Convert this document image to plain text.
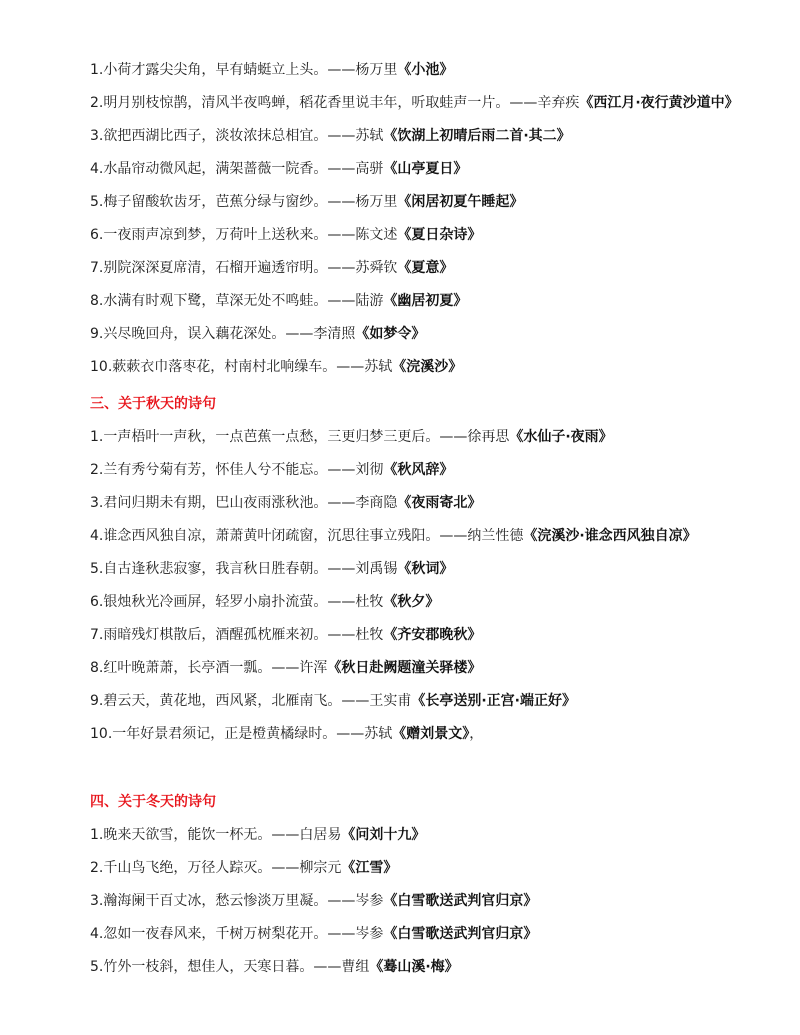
1.小荷才露尖尖角，早有蜻蜓立上头。——杨万里《小池》
2.明月别枝惊鹊，清风半夜鸣蝉，稻花香里说丰年，听取蛙声一片。——辛弃疾《西江月·夜行黄沙道中》
3.欲把西湖比西子，淡妆浓抹总相宜。——苏轼《饮湖上初晴后雨二首·其二》
4.水晶帘动微风起，满架蔷薇一院香。——高骈《山亭夏日》
5.梅子留酸软齿牙，芭蕉分绿与窗纱。——杨万里《闲居初夏午睡起》
6.一夜雨声凉到梦，万荷叶上送秋来。——陈文述《夏日杂诗》
7.别院深深夏席清，石榴开遍透帘明。——苏舜钦《夏意》
8.水满有时观下鹭，草深无处不鸣蛙。——陆游《幽居初夏》
9.兴尽晚回舟，误入藕花深处。——李清照《如梦令》
10.蔌蔌衣巾落枣花，村南村北响缲车。——苏轼《浣溪沙》
三、关于秋天的诗句
1.一声梧叶一声秋，一点芭蕉一点愁，三更归梦三更后。——徐再思《水仙子·夜雨》
2.兰有秀兮菊有芳，怀佳人兮不能忘。——刘彻《秋风辞》
3.君问归期未有期，巴山夜雨涨秋池。——李商隐《夜雨寄北》
4.谁念西风独自凉，萧萧黄叶闭疏窗，沉思往事立残阳。——纳兰性德《浣溪沙·谁念西风独自凉》
5.自古逢秋悲寂寥，我言秋日胜春朝。——刘禹锡《秋词》
6.银烛秋光冷画屏，轻罗小扇扑流萤。——杜牧《秋夕》
7.雨暗残灯棋散后，酒醒孤枕雁来初。——杜牧《齐安郡晚秋》
8.红叶晚萧萧，长亭酒一瓢。——许浑《秋日赴阙题潼关驿楼》
9.碧云天，黄花地，西风紧，北雁南飞。——王实甫《长亭送别·正宫·端正好》
10.一年好景君须记，正是橙黄橘绿时。——苏轼《赠刘景文》，
四、关于冬天的诗句
1.晚来天欲雪，能饮一杯无。——白居易《问刘十九》
2.千山鸟飞绝，万径人踪灭。——柳宗元《江雪》
3.瀚海阑干百丈冰，愁云惨淡万里凝。——岑参《白雪歌送武判官归京》
4.忽如一夜春风来，千树万树梨花开。——岑参《白雪歌送武判官归京》
5.竹外一枝斜，想佳人，天寒日暮。——曹组《蓦山溪·梅》
